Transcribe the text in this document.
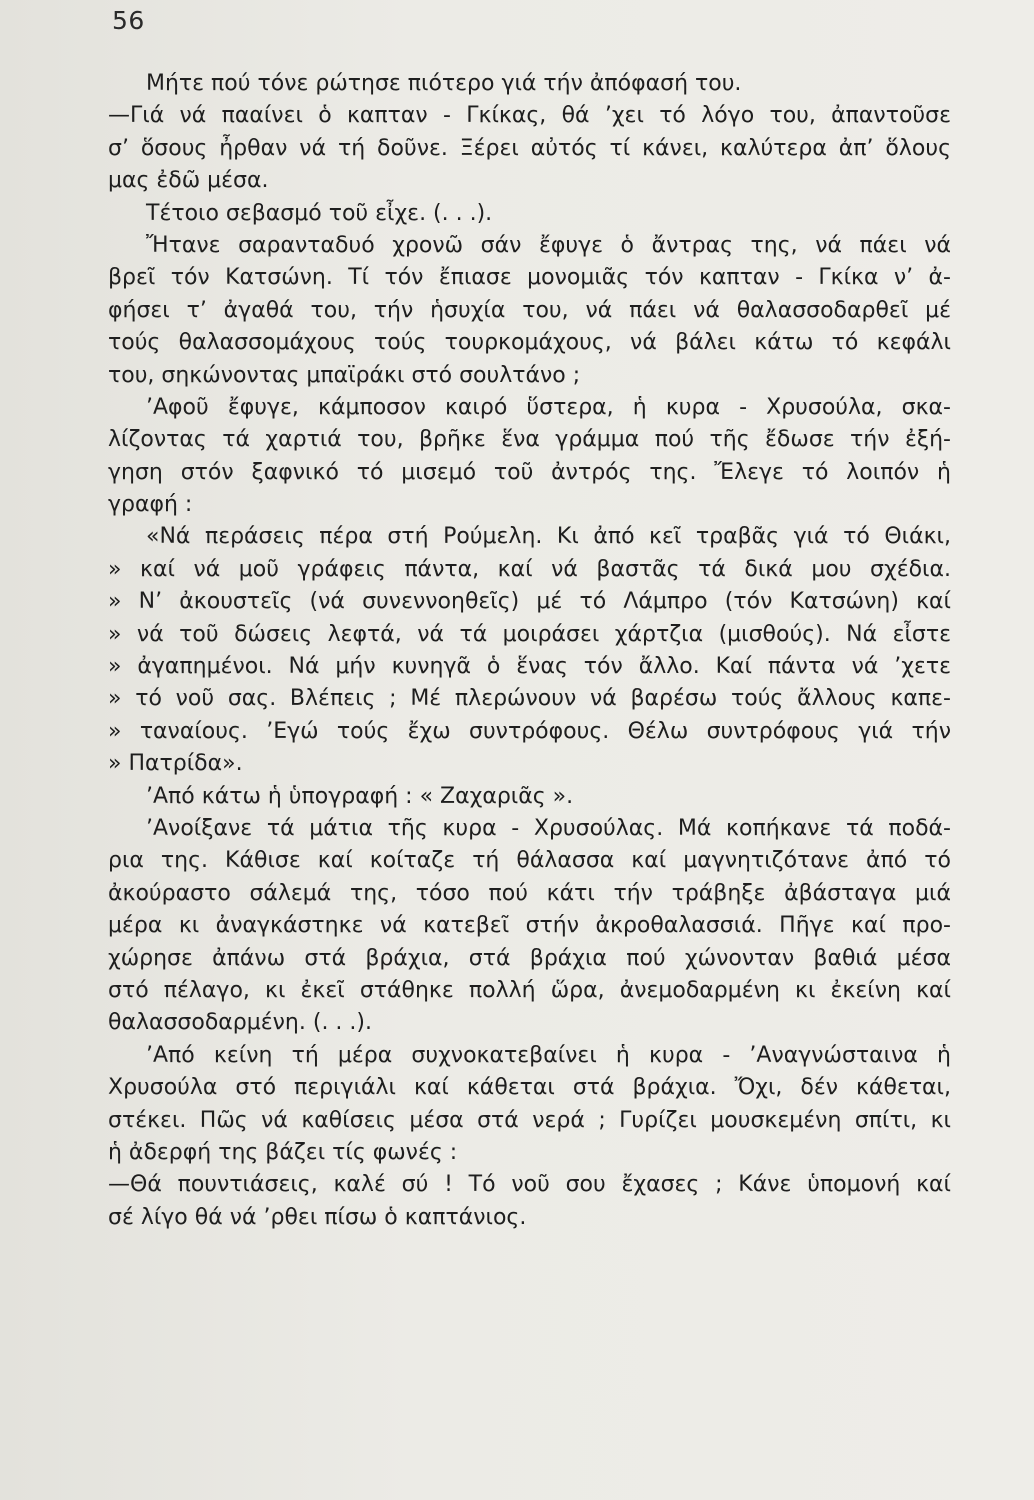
56
Μήτε πού τόνε ρώτησε πιότερο γιά τήν ἀπόφασή του.
—Γιά νά πααίνει ὁ καπταν - Γκίκας, θά ’χει τό λόγο του, ἀπαντοῦσε
σ’ ὅσους ἦρθαν νά τή δοῦνε. Ξέρει αὐτός τί κάνει, καλύτερα ἀπ’ ὅλους
μας ἐδῶ μέσα.
Τέτοιο σεβασμό τοῦ εἶχε. (. . .).
Ἤτανε σαρανταδυό χρονῶ σάν ἔφυγε ὁ ἄντρας της, νά πάει νά
βρεῖ τόν Κατσώνη. Τί τόν ἔπιασε μονομιᾶς τόν καπταν - Γκίκα ν’ ἀ-
φήσει τ’ ἀγαθά του, τήν ἡσυχία του, νά πάει νά θαλασσοδαρθεῖ μέ
τούς θαλασσομάχους τούς τουρκομάχους, νά βάλει κάτω τό κεφάλι
του, σηκώνοντας μπαϊράκι στό σουλτάνο ;
’Αφοῦ ἔφυγε, κάμποσον καιρό ὕστερα, ἡ κυρα - Χρυσούλα, σκα-
λίζοντας τά χαρτιά του, βρῆκε ἕνα γράμμα πού τῆς ἔδωσε τήν ἐξή-
γηση στόν ξαφνικό τό μισεμό τοῦ ἀντρός της. Ἔλεγε τό λοιπόν ἡ
γραφή :
«Νά περάσεις πέρα στή Ρούμελη. Κι ἀπό κεῖ τραβᾶς γιά τό Θιάκι,
» καί νά μοῦ γράφεις πάντα, καί νά βαστᾶς τά δικά μου σχέδια.
» Ν’ ἀκουστεῖς (νά συνεννοηθεῖς) μέ τό Λάμπρο (τόν Κατσώνη) καί
» νά τοῦ δώσεις λεφτά, νά τά μοιράσει χάρτζια (μισθούς). Νά εἶστε
» ἀγαπημένοι. Νά μήν κυνηγᾶ ὁ ἕνας τόν ἄλλο. Καί πάντα νά ’χετε
» τό νοῦ σας. Βλέπεις ; Μέ πλερώνουν νά βαρέσω τούς ἄλλους καπε-
» ταναίους. ’Εγώ τούς ἔχω συντρόφους. Θέλω συντρόφους γιά τήν
» Πατρίδα».
’Από κάτω ἡ ὑπογραφή : « Ζαχαριᾶς ».
’Ανοίξανε τά μάτια τῆς κυρα - Χρυσούλας. Μά κοπήκανε τά ποδά-
ρια της. Κάθισε καί κοίταζε τή θάλασσα καί μαγνητιζότανε ἀπό τό
ἀκούραστο σάλεμά της, τόσο πού κάτι τήν τράβηξε ἀβάσταγα μιά
μέρα κι ἀναγκάστηκε νά κατεβεῖ στήν ἀκροθαλασσιά. Πῆγε καί προ-
χώρησε ἀπάνω στά βράχια, στά βράχια πού χώνονταν βαθιά μέσα
στό πέλαγο, κι ἐκεῖ στάθηκε πολλή ὥρα, ἀνεμοδαρμένη κι ἐκείνη καί
θαλασσοδαρμένη. (. . .).
’Από κείνη τή μέρα συχνοκατεβαίνει ἡ κυρα - ’Αναγνώσταινα ἡ
Χρυσούλα στό περιγιάλι καί κάθεται στά βράχια. Ὄχι, δέν κάθεται,
στέκει. Πῶς νά καθίσεις μέσα στά νερά ; Γυρίζει μουσκεμένη σπίτι, κι
ἡ ἀδερφή της βάζει τίς φωνές :
—Θά πουντιάσεις, καλέ σύ ! Τό νοῦ σου ἔχασες ; Κάνε ὑπομονή καί
σέ λίγο θά νά ’ρθει πίσω ὁ καπτάνιος.
